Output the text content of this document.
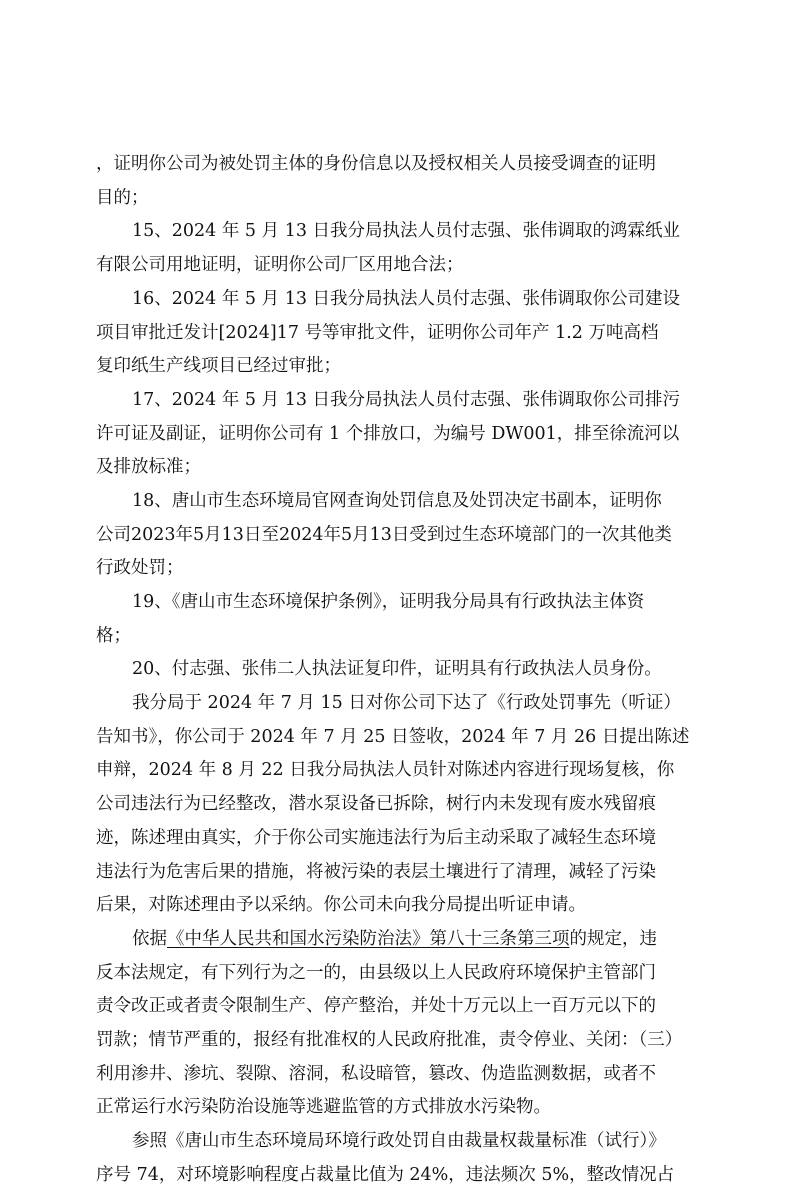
，证明你公司为被处罚主体的身份信息以及授权相关人员接受调查的证明
目的；
15、2024 年 5 月 13 日我分局执法人员付志强、张伟调取的鸿霖纸业
有限公司用地证明，证明你公司厂区用地合法；
16、2024 年 5 月 13 日我分局执法人员付志强、张伟调取你公司建设
项目审批迁发计[2024]17 号等审批文件，证明你公司年产 1.2 万吨高档
复印纸生产线项目已经过审批；
17、2024 年 5 月 13 日我分局执法人员付志强、张伟调取你公司排污
许可证及副证，证明你公司有 1 个排放口，为编号 DW001，排至徐流河以
及排放标准；
18、唐山市生态环境局官网查询处罚信息及处罚决定书副本，证明你
公司2023年5月13日至2024年5月13日受到过生态环境部门的一次其他类
行政处罚；
19、《唐山市生态环境保护条例》，证明我分局具有行政执法主体资
格；
20、付志强、张伟二人执法证复印件，证明具有行政执法人员身份。
我分局于 2024 年 7 月 15 日对你公司下达了《行政处罚事先（听证）
告知书》，你公司于 2024 年 7 月 25 日签收，2024 年 7 月 26 日提出陈述
申辩，2024 年 8 月 22 日我分局执法人员针对陈述内容进行现场复核，你
公司违法行为已经整改，潜水泵设备已拆除，树行内未发现有废水残留痕
迹，陈述理由真实，介于你公司实施违法行为后主动采取了减轻生态环境
违法行为危害后果的措施，将被污染的表层土壤进行了清理，减轻了污染
后果，对陈述理由予以采纳。你公司未向我分局提出听证申请。
依据《中华人民共和国水污染防治法》第八十三条第三项的规定，违
反本法规定，有下列行为之一的，由县级以上人民政府环境保护主管部门
责令改正或者责令限制生产、停产整治，并处十万元以上一百万元以下的
罚款；情节严重的，报经有批准权的人民政府批准，责令停业、关闭：（三）
利用渗井、渗坑、裂隙、溶洞，私设暗管，篡改、伪造监测数据，或者不
正常运行水污染防治设施等逃避监管的方式排放水污染物。
参照《唐山市生态环境局环境行政处罚自由裁量权裁量标准（试行）》
序号 74，对环境影响程度占裁量比值为 24%，违法频次 5%，整改情况占
